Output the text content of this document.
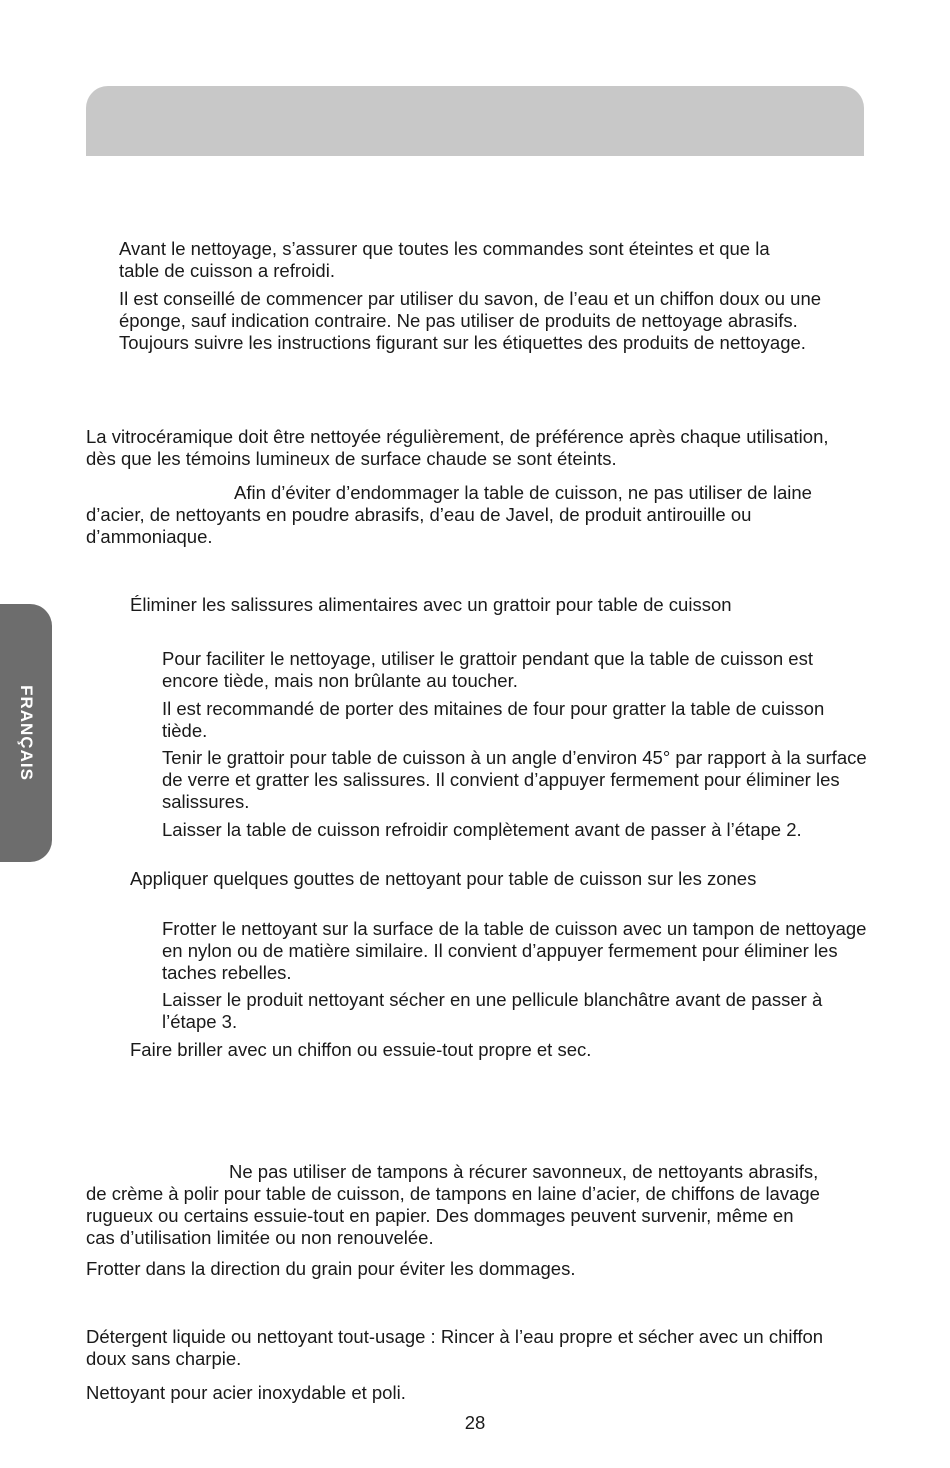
FRANÇAIS

Avant le nettoyage, s’assurer que toutes les commandes sont éteintes et que la table de cuisson a refroidi.

Il est conseillé de commencer par utiliser du savon, de l’eau et un chiffon doux ou une éponge, sauf indication contraire. Ne pas utiliser de produits de nettoyage abrasifs. Toujours suivre les instructions figurant sur les étiquettes des produits de nettoyage.

La vitrocéramique doit être nettoyée régulièrement, de préférence après chaque utilisation, dès que les témoins lumineux de surface chaude se sont éteints.

Afin d’éviter d’endommager la table de cuisson, ne pas utiliser de laine d’acier, de nettoyants en poudre abrasifs, d’eau de Javel, de produit antirouille ou d’ammoniaque.

Éliminer les salissures alimentaires avec un grattoir pour table de cuisson

Pour faciliter le nettoyage, utiliser le grattoir pendant que la table de cuisson est encore tiède, mais non brûlante au toucher.

Il est recommandé de porter des mitaines de four pour gratter la table de cuisson tiède.

Tenir le grattoir pour table de cuisson à un angle d’environ 45° par rapport à la surface de verre et gratter les salissures. Il convient d’appuyer fermement pour éliminer les salissures.

Laisser la table de cuisson refroidir complètement avant de passer à l’étape 2.

Appliquer quelques gouttes de nettoyant pour table de cuisson sur les zones

Frotter le nettoyant sur la surface de la table de cuisson avec un tampon de nettoyage en nylon ou de matière similaire. Il convient d’appuyer fermement pour éliminer les taches rebelles.

Laisser le produit nettoyant sécher en une pellicule blanchâtre avant de passer à l’étape 3.

Faire briller avec un chiffon ou essuie-tout propre et sec.

Ne pas utiliser de tampons à récurer savonneux, de nettoyants abrasifs, de crème à polir pour table de cuisson, de tampons en laine d’acier, de chiffons de lavage rugueux ou certains essuie-tout en papier. Des dommages peuvent survenir, même en cas d’utilisation limitée ou non renouvelée.

Frotter dans la direction du grain pour éviter les dommages.

Détergent liquide ou nettoyant tout-usage : Rincer à l’eau propre et sécher avec un chiffon doux sans charpie.

Nettoyant pour acier inoxydable et poli.

28
